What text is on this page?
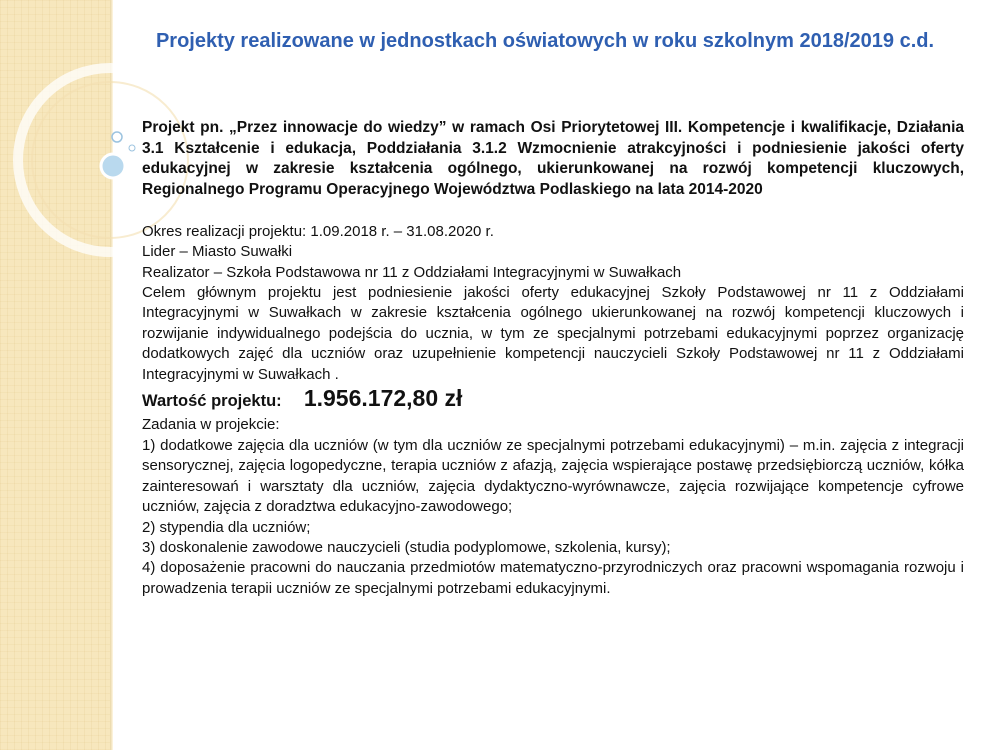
Projekty realizowane w jednostkach oświatowych w roku szkolnym 2018/2019 c.d.

Projekt pn. „Przez innowacje do wiedzy” w ramach Osi Priorytetowej III. Kompetencje i kwalifikacje, Działania 3.1 Kształcenie i edukacja, Poddziałania 3.1.2 Wzmocnienie atrakcyjności i podniesienie jakości oferty edukacyjnej w zakresie kształcenia ogólnego, ukierunkowanej na rozwój kompetencji kluczowych, Regionalnego Programu Operacyjnego Województwa Podlaskiego na lata 2014-2020

Okres realizacji projektu: 1.09.2018 r. – 31.08.2020 r.

Lider – Miasto Suwałki

Realizator – Szkoła Podstawowa nr 11 z Oddziałami Integracyjnymi w Suwałkach

Celem głównym projektu jest podniesienie jakości oferty edukacyjnej Szkoły Podstawowej nr 11 z Oddziałami Integracyjnymi w Suwałkach w zakresie kształcenia ogólnego ukierunkowanej na rozwój kompetencji kluczowych i rozwijanie indywidualnego podejścia do ucznia, w tym ze specjalnymi potrzebami edukacyjnymi poprzez organizację dodatkowych zajęć dla uczniów oraz uzupełnienie kompetencji nauczycieli Szkoły Podstawowej nr 11 z Oddziałami Integracyjnymi w Suwałkach .

Wartość projektu: 1.956.172,80 zł

Zadania w projekcie:

1) dodatkowe zajęcia dla uczniów (w tym dla uczniów ze specjalnymi potrzebami edukacyjnymi) – m.in. zajęcia z integracji sensorycznej, zajęcia logopedyczne, terapia uczniów z afazją, zajęcia wspierające postawę przedsiębiorczą uczniów, kółka zainteresowań i warsztaty dla uczniów, zajęcia dydaktyczno-wyrównawcze, zajęcia rozwijające kompetencje cyfrowe uczniów, zajęcia z doradztwa edukacyjno-zawodowego;

2) stypendia dla uczniów;

3) doskonalenie zawodowe nauczycieli (studia podyplomowe, szkolenia, kursy);

4) doposażenie pracowni do nauczania przedmiotów matematyczno-przyrodniczych oraz pracowni wspomagania rozwoju i prowadzenia terapii uczniów ze specjalnymi potrzebami edukacyjnymi.
